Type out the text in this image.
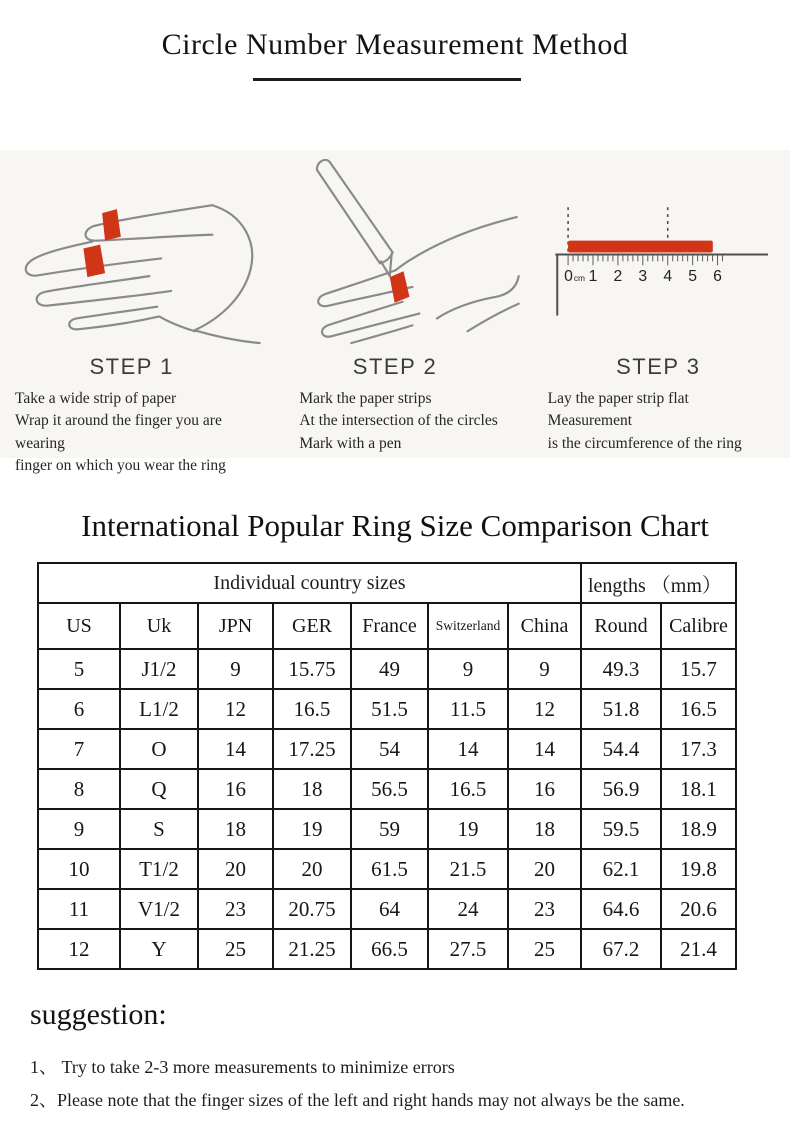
Circle Number Measurement Method
STEP 1
Take a wide strip of paper
Wrap it around the finger you are wearing
finger on which you wear the ring
STEP 2
Mark the paper strips
At the intersection of the circles
Mark with a pen
0cm 1 2 3 4 5 6
STEP 3
Lay the paper strip flat
Measurement
is the circumference of the ring
International Popular Ring Size Comparison Chart
Individual country sizes							lengths （mm）	
US	Uk	JPN	GER	France	Switzerland	China	Round	Calibre
5	J1/2	9	15.75	49	9	9	49.3	15.7
6	L1/2	12	16.5	51.5	11.5	12	51.8	16.5
7	O	14	17.25	54	14	14	54.4	17.3
8	Q	16	18	56.5	16.5	16	56.9	18.1
9	S	18	19	59	19	18	59.5	18.9
10	T1/2	20	20	61.5	21.5	20	62.1	19.8
11	V1/2	23	20.75	64	24	23	64.6	20.6
12	Y	25	21.25	66.5	27.5	25	67.2	21.4
suggestion:
1、 Try to take 2-3 more measurements to minimize errors
2、Please note that the finger sizes of the left and right hands may not always be the same.
